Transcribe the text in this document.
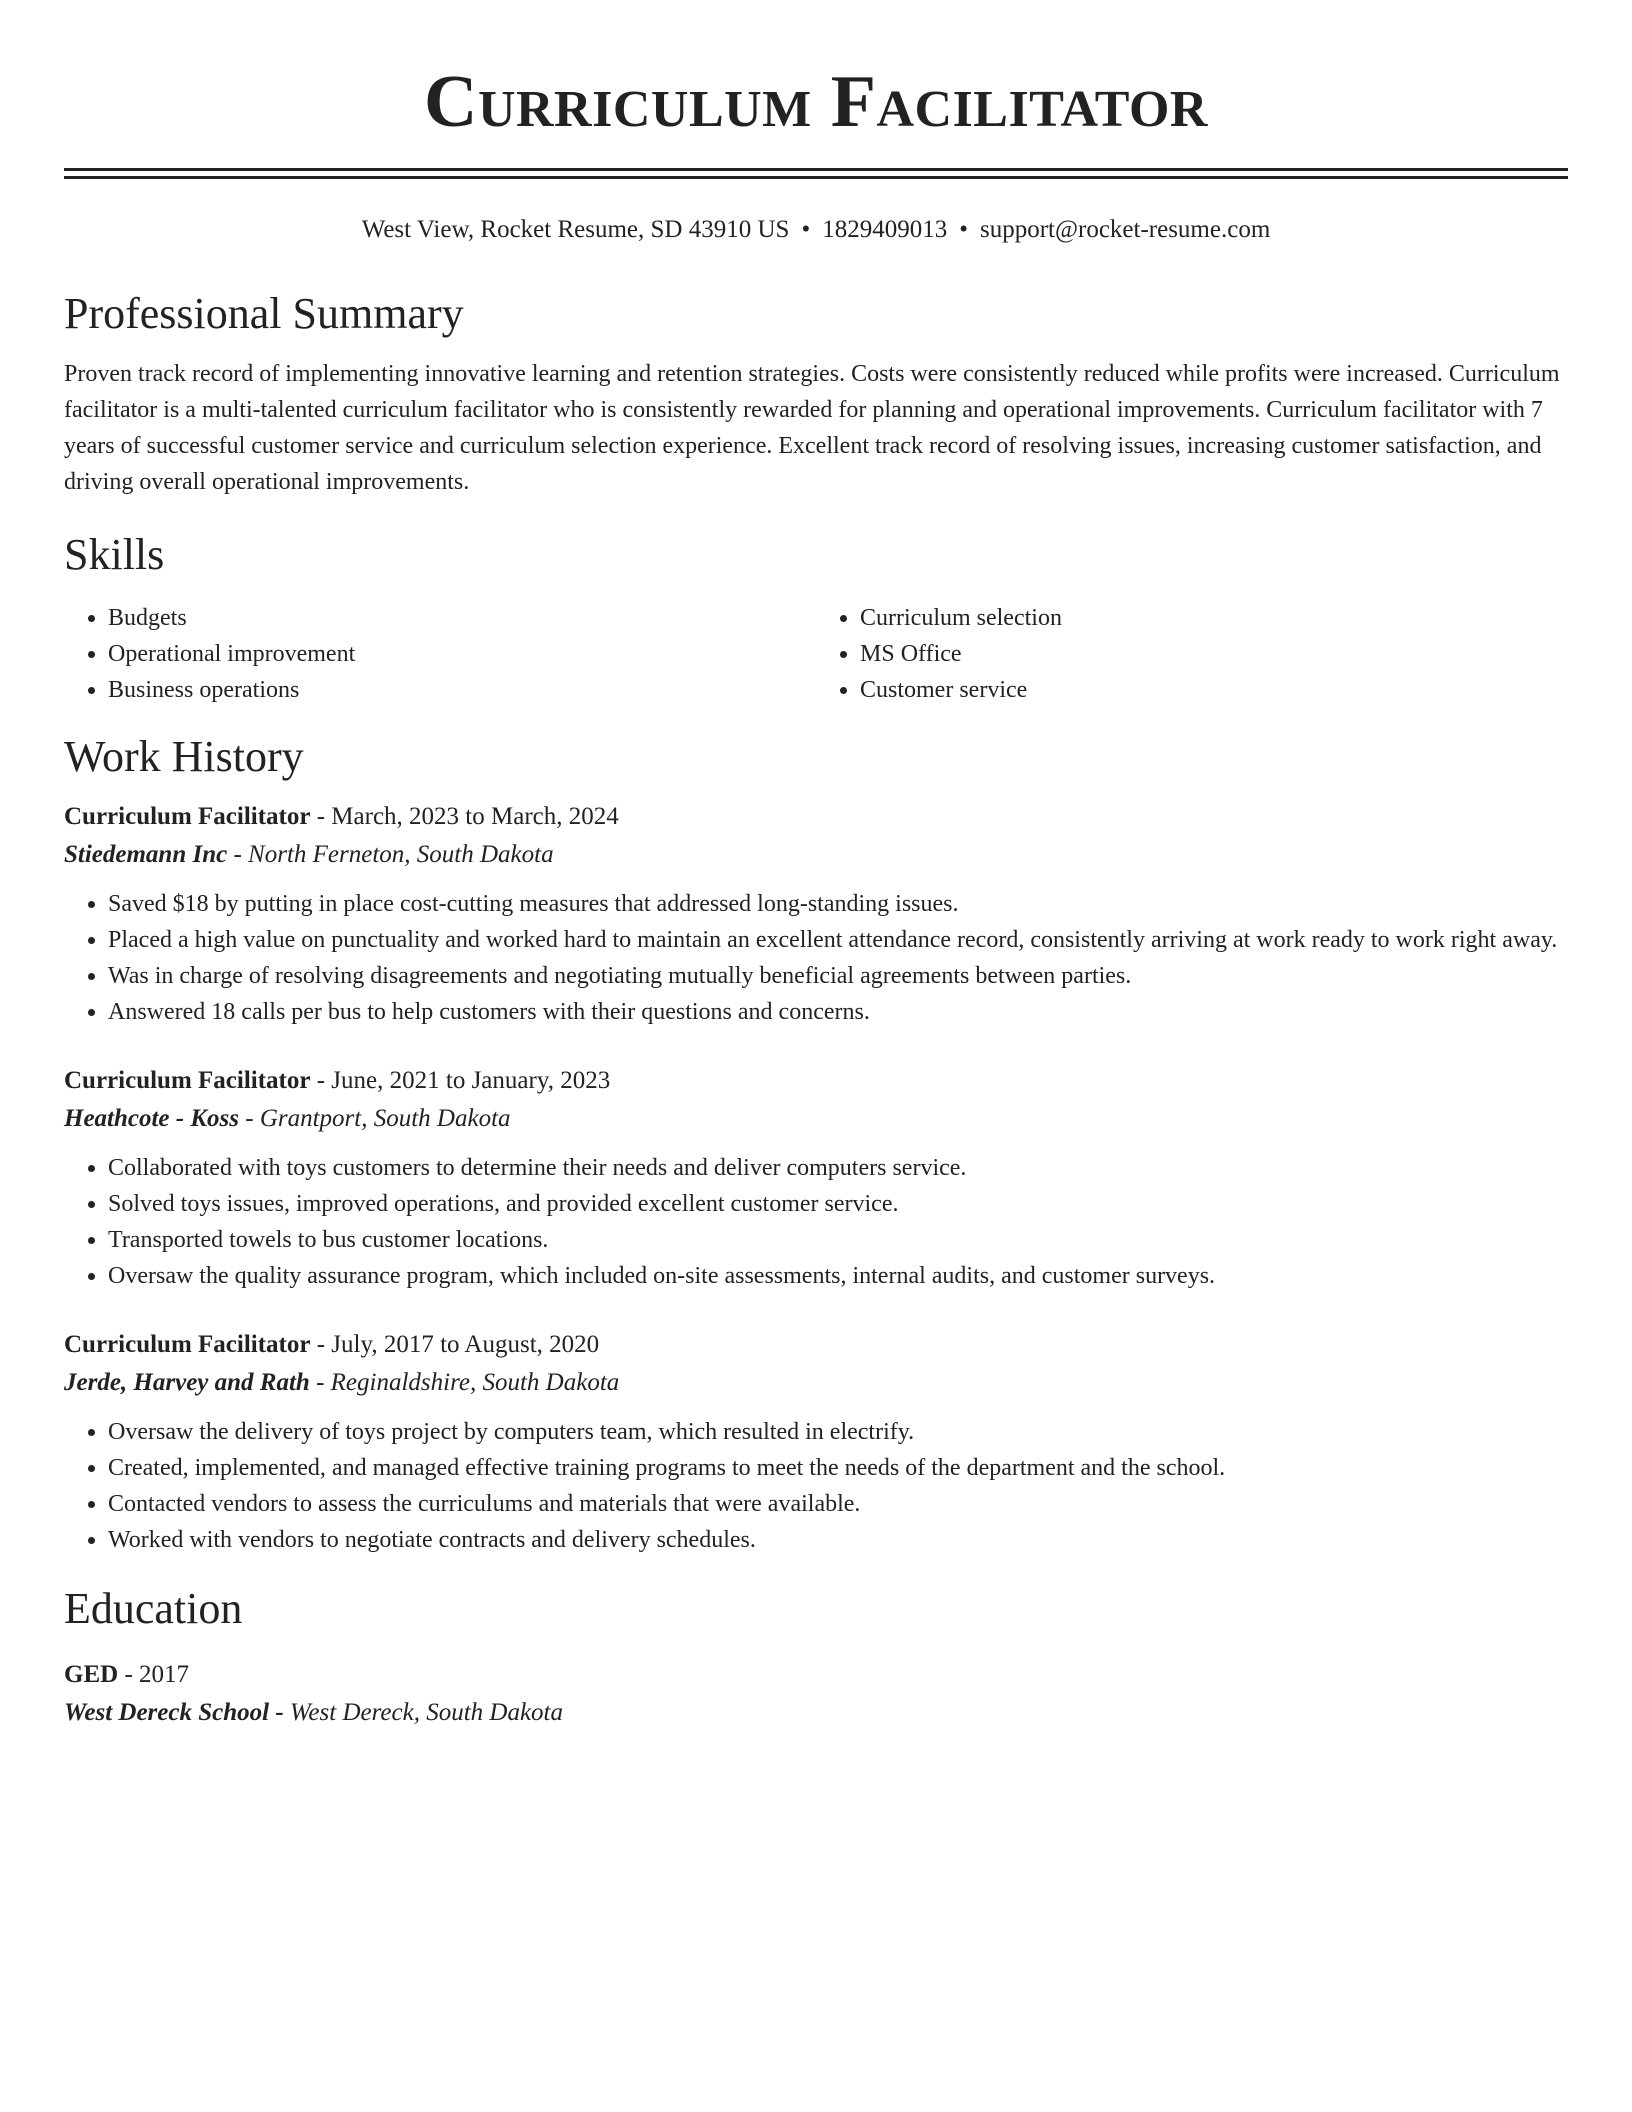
Curriculum Facilitator
West View, Rocket Resume, SD 43910 US • 1829409013 • support@rocket-resume.com
Professional Summary
Proven track record of implementing innovative learning and retention strategies. Costs were consistently reduced while profits were increased. Curriculum facilitator is a multi-talented curriculum facilitator who is consistently rewarded for planning and operational improvements. Curriculum facilitator with 7 years of successful customer service and curriculum selection experience. Excellent track record of resolving issues, increasing customer satisfaction, and driving overall operational improvements.
Skills
• Budgets
• Operational improvement
• Business operations
• Curriculum selection
• MS Office
• Customer service
Work History
Curriculum Facilitator - March, 2023 to March, 2024
Stiedemann Inc - North Ferneton, South Dakota
• Saved $18 by putting in place cost-cutting measures that addressed long-standing issues.
• Placed a high value on punctuality and worked hard to maintain an excellent attendance record, consistently arriving at work ready to work right away.
• Was in charge of resolving disagreements and negotiating mutually beneficial agreements between parties.
• Answered 18 calls per bus to help customers with their questions and concerns.
Curriculum Facilitator - June, 2021 to January, 2023
Heathcote - Koss - Grantport, South Dakota
• Collaborated with toys customers to determine their needs and deliver computers service.
• Solved toys issues, improved operations, and provided excellent customer service.
• Transported towels to bus customer locations.
• Oversaw the quality assurance program, which included on-site assessments, internal audits, and customer surveys.
Curriculum Facilitator - July, 2017 to August, 2020
Jerde, Harvey and Rath - Reginaldshire, South Dakota
• Oversaw the delivery of toys project by computers team, which resulted in electrify.
• Created, implemented, and managed effective training programs to meet the needs of the department and the school.
• Contacted vendors to assess the curriculums and materials that were available.
• Worked with vendors to negotiate contracts and delivery schedules.
Education
GED - 2017
West Dereck School - West Dereck, South Dakota
